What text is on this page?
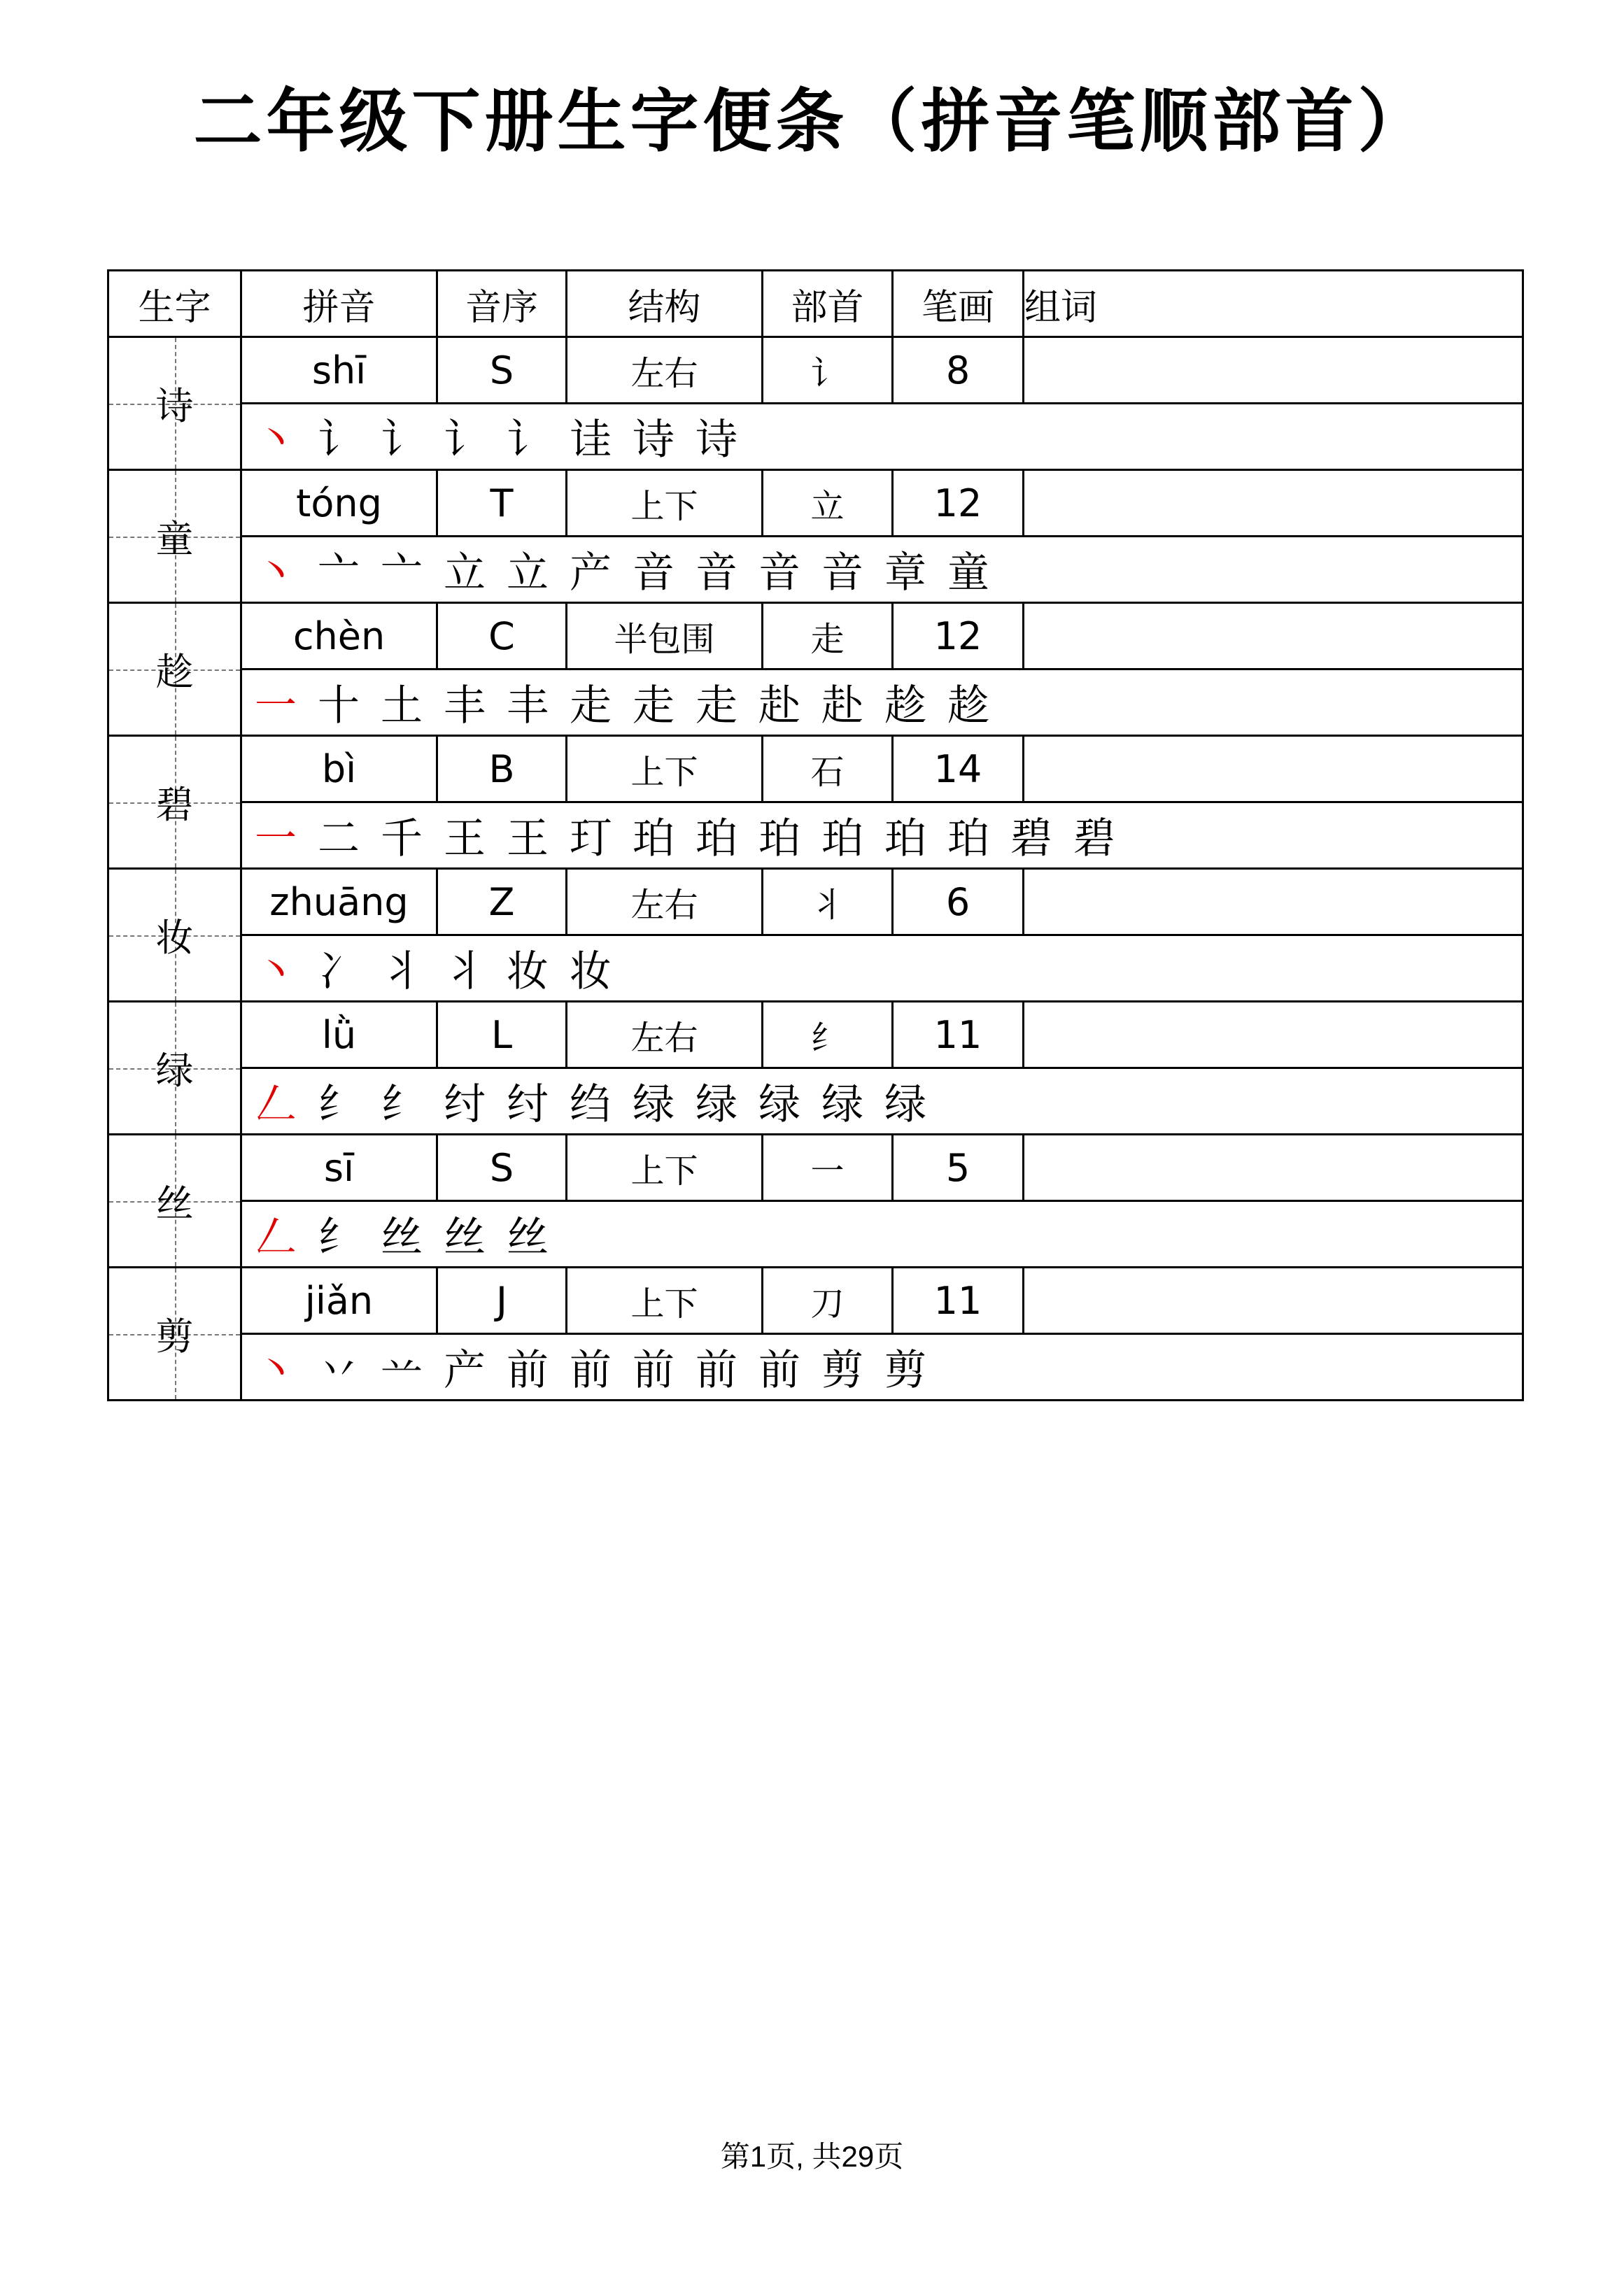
二年级下册生字便条（拼音笔顺部首）
生字	拼音	音序	结构	部首	笔画	组词

诗	shī	S	左右	讠	8	
	丶 讠 讠 讠 讠 诖 诗 诗					

童	tóng	T	上下	立	12	
	丶 亠 亠 立 立 产 音 音 音 音 章 童					

趁	chèn	C	半包围	走	12	
	一 十 土 丰 丰 走 走 走 赴 赴 趁 趁					

碧	bì	B	上下	石	14	
	一 二 千 王 王 玎 珀 珀 珀 珀 珀 珀 碧 碧					

妆	zhuāng	Z	左右	丬	6	
	丶 冫 丬 丬 妆 妆					

绿	lǜ	L	左右	纟	11	
	𠃋 纟 纟 纣 纣 绉 绿 绿 绿 绿 绿					

丝	sī	S	上下	一	5	
	𠃋 纟 丝 丝 丝					

剪	jiǎn	J	上下	刀	11	
	丶 丷 䒑 产 前 前 前 前 前 剪 剪					
第1页, 共29页
